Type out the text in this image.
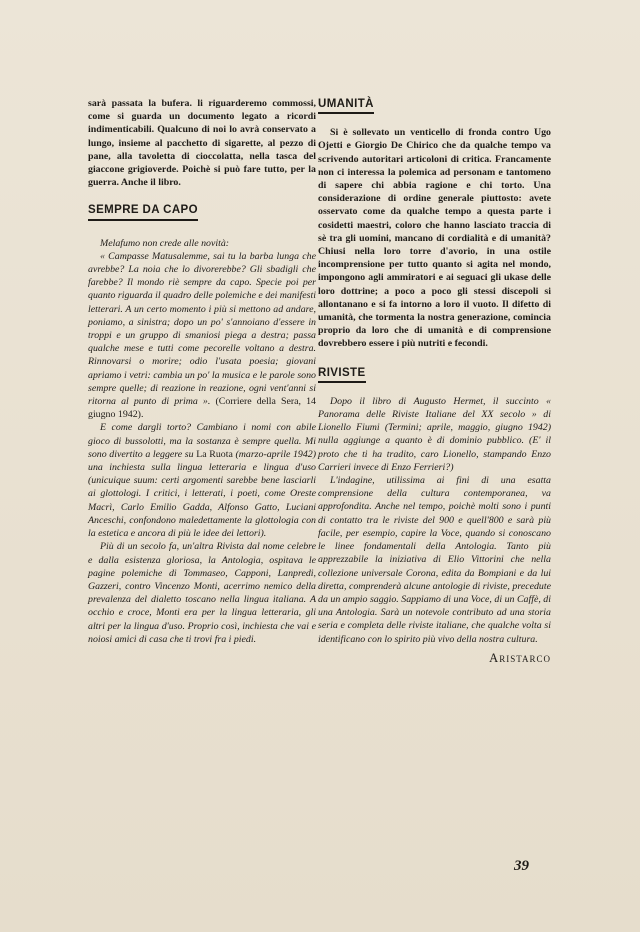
sarà passata la bufera. li riguarderemo commossi, come si guarda un documento legato a ricordi indimenticabili. Qualcuno di noi lo avrà conservato a lungo, insieme al pacchetto di sigarette, al pezzo di pane, alla tavoletta di cioccolatta, nella tasca del giaccone grigioverde. Poichè si può fare tutto, per la guerra. Anche il libro.

SEMPRE DA CAPO

Melafumo non crede alle novità:

« Campasse Matusalemme, sai tu la barba lunga che avrebbe? La noia che lo divorerebbe? Gli sbadigli che farebbe? Il mondo riè sempre da capo. Specie poi per quanto riguarda il quadro delle polemiche e dei manifesti letterari. A un certo momento i più si mettono ad andare, poniamo, a sinistra; dopo un po' s'annoiano d'essere in troppi e un gruppo di smaniosi piega a destra; passa qualche mese e tutti come pecorelle voltano a destra. Rinnovarsi o morire; odio l'usata poesia; giovani apriamo i vetri: cambia un po' la musica e le parole sono sempre quelle; di reazione in reazione, ogni vent'anni si ritorna al punto di prima ». (Corriere della Sera, 14 giugno 1942).

E come dargli torto? Cambiano i nomi con abile gioco di bussolotti, ma la sostanza è sempre quella. Mi sono divertito a leggere su La Ruota (marzo-aprile 1942) una inchiesta sulla lingua letteraria e lingua d'uso (unicuique suum: certi argomenti sarebbe bene lasciarli ai glottologi. I critici, i letterati, i poeti, come Oreste Macrì, Carlo Emilio Gadda, Alfonso Gatto, Luciani Anceschi, confondono maledettamente la glottologia con la estetica e ancora di più le idee dei lettori).

Più di un secolo fa, un'altra Rivista dal nome celebre e dalla esistenza gloriosa, la Antologia, ospitava le pagine polemiche di Tommaseo, Capponi, Lanpredi, Gazzeri, contro Vincenzo Monti, acerrimo nemico della prevalenza del dialetto toscano nella lingua italiana. A occhio e croce, Monti era per la lingua letteraria, gli altri per la lingua d'uso. Proprio così, inchiesta che vai e noiosi amici di casa che ti trovi fra i piedi.

UMANITÀ

Si è sollevato un venticello di fronda contro Ugo Ojetti e Giorgio De Chirico che da qualche tempo va scrivendo autoritari articoloni di critica. Francamente non ci interessa la polemica ad personam e tantomeno di sapere chi abbia ragione e chi torto. Una considerazione di ordine generale piuttosto: avete osservato come da qualche tempo a questa parte i cosidetti maestri, coloro che hanno lasciato traccia di sè tra gli uomini, mancano di cordialità e di umanità? Chiusi nella loro torre d'avorio, in una ostile incomprensione per tutto quanto si agita nel mondo, impongono agli ammiratori e ai seguaci gli ukase delle loro dottrine; a poco a poco gli stessi discepoli si allontanano e si fa intorno a loro il vuoto. Il difetto di umanità, che tormenta la nostra generazione, comincia proprio da loro che di umanità e di comprensione dovrebbero essere i più nutriti e fecondi.

RIVISTE

Dopo il libro di Augusto Hermet, il succinto « Panorama delle Riviste Italiane del XX secolo » di Lionello Fiumi (Termini; aprile, maggio, giugno 1942) nulla aggiunge a quanto è di dominio pubblico. (E' il proto che ti ha tradito, caro Lionello, stampando Enzo Carrieri invece di Enzo Ferrieri?)

L'indagine, utilissima ai fini di una esatta comprensione della cultura contemporanea, va approfondita. Anche nel tempo, poichè molti sono i punti di contatto tra le riviste del 900 e quell'800 e sarà più facile, per esempio, capire la Voce, quando si conoscano le linee fondamentali della Antologia. Tanto più apprezzabile la iniziativa di Elio Vittorini che nella collezione universale Corona, edita da Bompiani e da lui diretta, comprenderà alcune antologie di riviste, precedute da un ampio saggio. Sappiamo di una Voce, di un Caffè, di una Antologia. Sarà un notevole contributo ad una storia seria e completa delle riviste italiane, che qualche volta si identificano con lo spirito più vivo della nostra cultura.

Aristarco

39
